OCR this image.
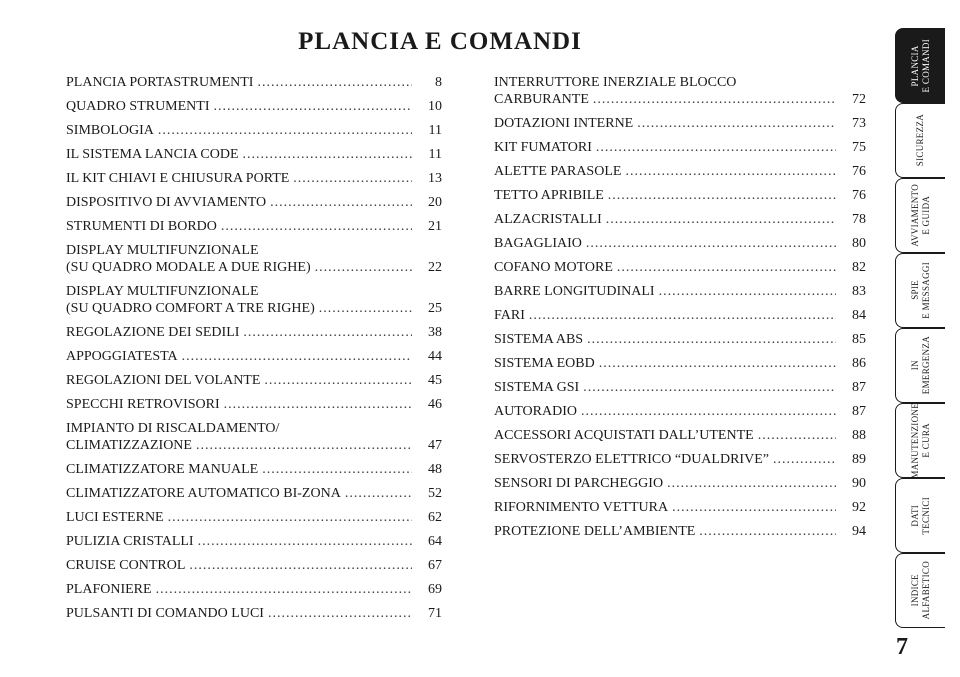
PLANCIA E COMANDI
PLANCIA PORTASTRUMENTI .....	8
QUADRO STRUMENTI .....	10
SIMBOLOGIA .....	11
IL SISTEMA LANCIA CODE .....	11
IL KIT CHIAVI E CHIUSURA PORTE .....	13
DISPOSITIVO DI AVVIAMENTO .....	20
STRUMENTI DI BORDO .....	21
DISPLAY MULTIFUNZIONALE
(SU QUADRO MODALE A DUE RIGHE) .....	22
DISPLAY MULTIFUNZIONALE
(SU QUADRO COMFORT A TRE RIGHE) .....	25
REGOLAZIONE DEI SEDILI .....	38
APPOGGIATESTA .....	44
REGOLAZIONI DEL VOLANTE .....	45
SPECCHI RETROVISORI .....	46
IMPIANTO DI RISCALDAMENTO/
CLIMATIZZAZIONE .....	47
CLIMATIZZATORE MANUALE .....	48
CLIMATIZZATORE AUTOMATICO BI-ZONA .....	52
LUCI ESTERNE .....	62
PULIZIA CRISTALLI .....	64
CRUISE CONTROL .....	67
PLAFONIERE .....	69
PULSANTI DI COMANDO LUCI .....	71
INTERRUTTORE INERZIALE BLOCCO
CARBURANTE .....	72
DOTAZIONI INTERNE .....	73
KIT FUMATORI .....	75
ALETTE PARASOLE .....	76
TETTO APRIBILE .....	76
ALZACRISTALLI .....	78
BAGAGLIAIO .....	80
COFANO MOTORE .....	82
BARRE LONGITUDINALI .....	83
FARI .....	84
SISTEMA ABS .....	85
SISTEMA EOBD .....	86
SISTEMA GSI .....	87
AUTORADIO .....	87
ACCESSORI ACQUISTATI DALL’UTENTE .....	88
SERVOSTERZO ELETTRICO “DUALDRIVE” .....	89
SENSORI DI PARCHEGGIO .....	90
RIFORNIMENTO VETTURA .....	92
PROTEZIONE DELL’AMBIENTE .....	94
PLANCIA
E COMANDI
SICUREZZA
AVVIAMENTO
E GUIDA
SPIE
E MESSAGGI
IN
EMERGENZA
MANUTENZIONE
E CURA
DATI
TECNICI
INDICE
ALFABETICO
7
